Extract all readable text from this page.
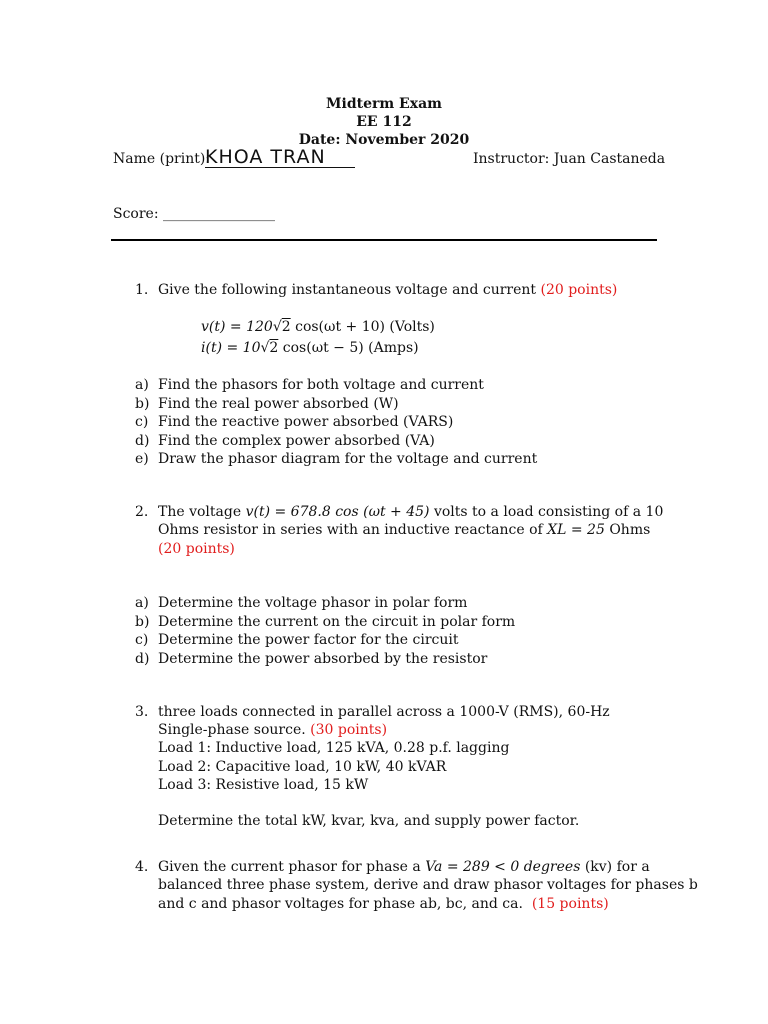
Midterm Exam
EE 112
Date: November 2020
Name (print):
KHOA TRAN	Instructor: Juan Castaneda
Score: ________________
1. Give the following instantaneous voltage and current (20 points)
v(t) = 120√2 cos(ωt + 10) (Volts)
i(t) = 10√2 cos(ωt − 5) (Amps)
a) Find the phasors for both voltage and current
b) Find the real power absorbed (W)
c) Find the reactive power absorbed (VARS)
d) Find the complex power absorbed (VA)
e) Draw the phasor diagram for the voltage and current
2. The voltage v(t) = 678.8 cos (ωt + 45) volts to a load consisting of a 10
Ohms resistor in series with an inductive reactance of XL = 25 Ohms
(20 points)
a) Determine the voltage phasor in polar form
b) Determine the current on the circuit in polar form
c) Determine the power factor for the circuit
d) Determine the power absorbed by the resistor
3. three loads connected in parallel across a 1000-V (RMS), 60-Hz
Single-phase source. (30 points)
Load 1: Inductive load, 125 kVA, 0.28 p.f. lagging
Load 2: Capacitive load, 10 kW, 40 kVAR
Load 3: Resistive load, 15 kW
Determine the total kW, kvar, kva, and supply power factor.
4. Given the current phasor for phase a Va = 289 < 0 degrees (kv) for a
balanced three phase system, derive and draw phasor voltages for phases b
and c and phasor voltages for phase ab, bc, and ca. (15 points)
